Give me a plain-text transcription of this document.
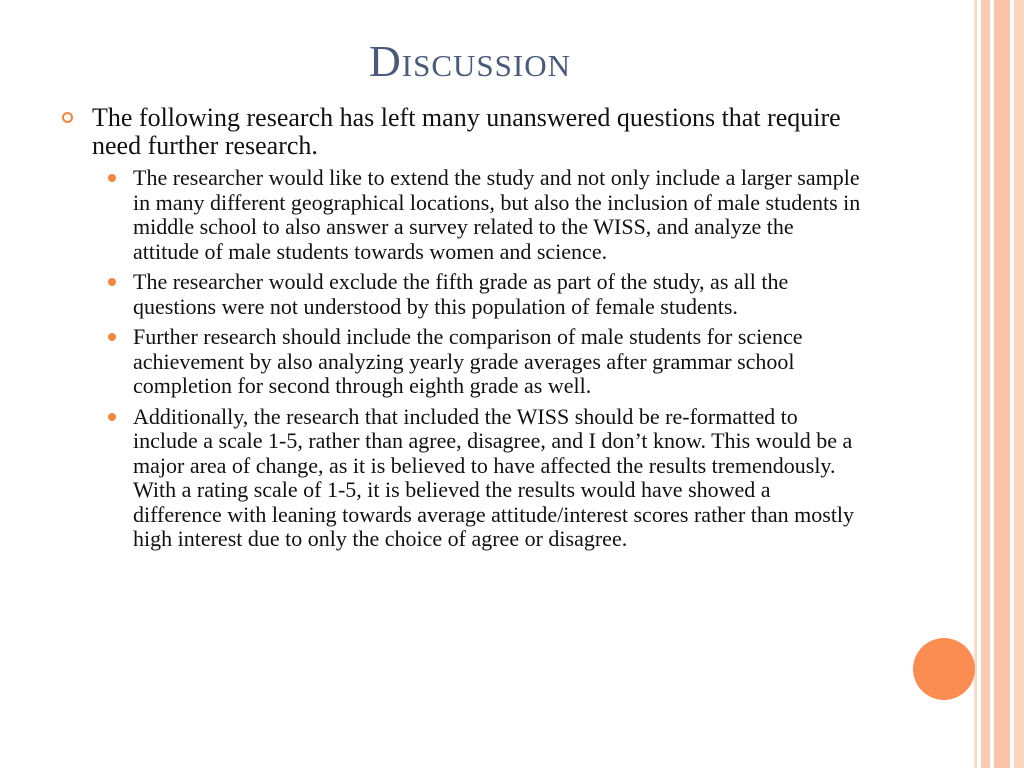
Discussion
The following research has left many unanswered questions that require need further research.
The researcher would like to extend the study and not only include a larger sample in many different geographical locations, but also the inclusion of male students in middle school to also answer a survey related to the WISS, and analyze the attitude of male students towards women and science.
The researcher would exclude the fifth grade as part of the study, as all the questions were not understood by this population of female students.
Further research should include the comparison of male students for science achievement by also analyzing yearly grade averages after grammar school completion for second through eighth grade as well.
Additionally, the research that included the WISS should be re-formatted to include a scale 1-5, rather than agree, disagree, and I don’t know. This would be a major area of change, as it is believed to have affected the results tremendously. With a rating scale of 1-5, it is believed the results would have showed a difference with leaning towards average attitude/interest scores rather than mostly high interest due to only the choice of agree or disagree.
